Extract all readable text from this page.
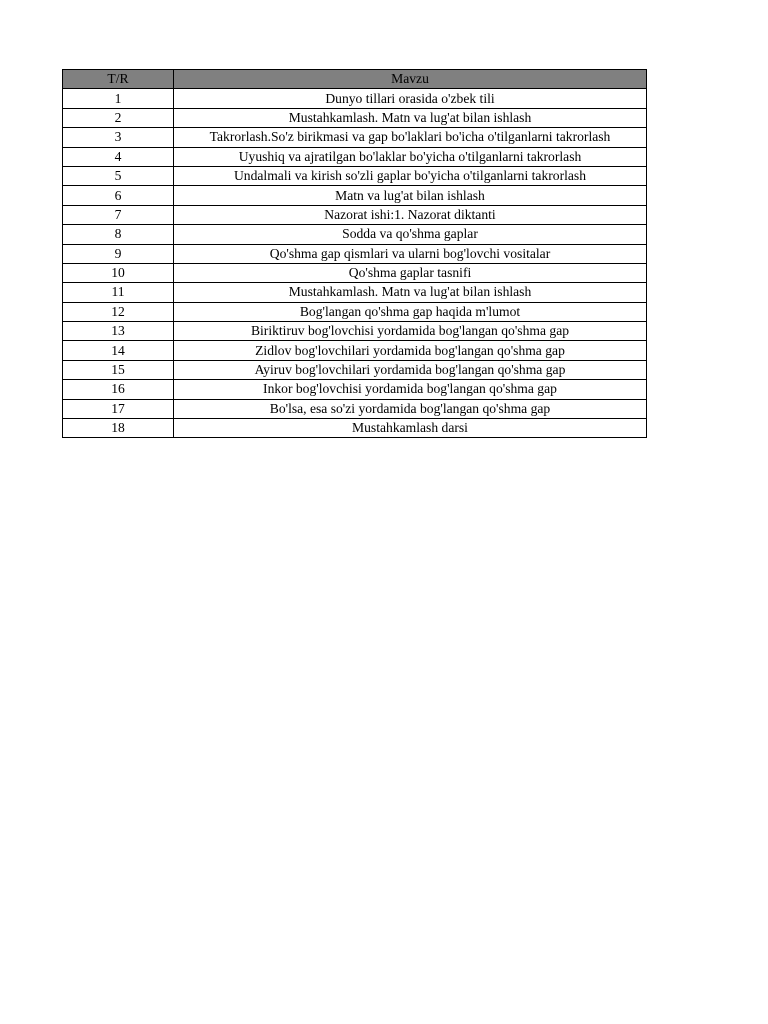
T/R	Mavzu
1	Dunyo tillari orasida o'zbek tili
2	Mustahkamlash. Matn va lug'at bilan ishlash
3	Takrorlash.So'z birikmasi va gap bo'laklari bo'icha o'tilganlarni takrorlash
4	Uyushiq va ajratilgan bo'laklar bo'yicha o'tilganlarni takrorlash
5	Undalmali va kirish so'zli gaplar bo'yicha o'tilganlarni takrorlash
6	Matn va lug'at bilan ishlash
7	Nazorat ishi:1. Nazorat diktanti
8	Sodda va qo'shma gaplar
9	Qo'shma gap qismlari va ularni bog'lovchi vositalar
10	Qo'shma gaplar tasnifi
11	Mustahkamlash. Matn va lug'at bilan ishlash
12	Bog'langan qo'shma gap haqida m'lumot
13	Biriktiruv bog'lovchisi yordamida bog'langan qo'shma gap
14	Zidlov bog'lovchilari yordamida bog'langan qo'shma gap
15	Ayiruv bog'lovchilari yordamida bog'langan qo'shma gap
16	Inkor bog'lovchisi yordamida bog'langan qo'shma gap
17	Bo'lsa, esa so'zi yordamida bog'langan qo'shma gap
18	Mustahkamlash darsi
